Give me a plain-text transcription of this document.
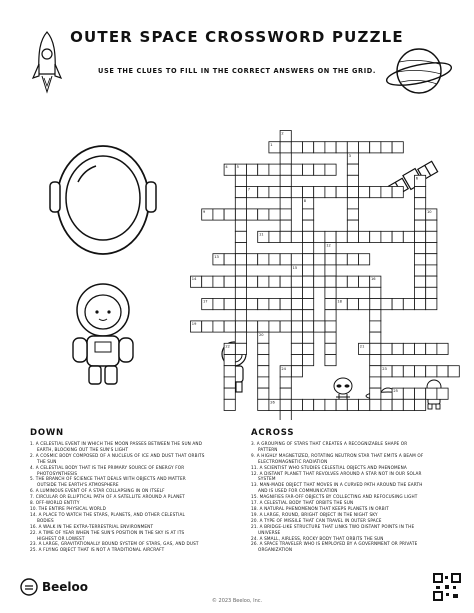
OUTER SPACE CROSSWORD PUZZLE
USE THE CLUES TO FILL IN THE CORRECT ANSWERS ON THE GRID.
1
2
3
4 5
6
7
8
9	10
11
12
13
14
15
16
17	18
19
20
21
22
23
24
25
26
DOWN
1. A CELESTIAL EVENT IN WHICH THE MOON PASSES BETWEEN THE SUN AND
EARTH, BLOCKING OUT THE SUN'S LIGHT
2. A COSMIC BODY COMPOSED OF A NUCLEUS OF ICE AND DUST THAT ORBITS
THE SUN
4. A CELESTIAL BODY THAT IS THE PRIMARY SOURCE OF ENERGY FOR
PHOTOSYNTHESIS
5. THE BRANCH OF SCIENCE THAT DEALS WITH OBJECTS AND MATTER
OUTSIDE THE EARTH'S ATMOSPHERE
6. A LUMINOUS EVENT OF A STAR COLLAPSING IN ON ITSELF
7. CIRCULAR OR ELLIPTICAL PATH OF A SATELLITE AROUND A PLANET
8. OFF-WORLD ENTITY
10. THE ENTIRE PHYSICAL WORLD
14. A PLACE TO WATCH THE STARS, PLANETS, AND OTHER CELESTIAL
BODIES
16. A WALK IN THE EXTRA-TERRESTRIAL ENVIRONMENT
22. A TIME OF YEAR WHEN THE SUN'S POSITION IN THE SKY IS AT ITS
HIGHEST OR LOWEST
23. A LARGE, GRAVITATIONALLY BOUND SYSTEM OF STARS, GAS, AND DUST
25. A FLYING OBJECT THAT IS NOT A TRADITIONAL AIRCRAFT
ACROSS
3. A GROUPING OF STARS THAT CREATES A RECOGNIZABLE SHAPE OR
PATTERN
9. A HIGHLY MAGNETIZED, ROTATING NEUTRON STAR THAT EMITS A BEAM OF
ELECTROMAGNETIC RADIATION
11. A SCIENTIST WHO STUDIES CELESTIAL OBJECTS AND PHENOMENA
12. A DISTANT PLANET THAT REVOLVES AROUND A STAR NOT IN OUR SOLAR
SYSTEM
13. MAN-MADE OBJECT THAT MOVES IN A CURVED PATH AROUND THE EARTH
AND IS USED FOR COMMUNICATION
15. MAGNIFIES FAR-OFF OBJECTS BY COLLECTING AND REFOCUSING LIGHT
17. A CELESTIAL BODY THAT ORBITS THE SUN
18. A NATURAL PHENOMENON THAT KEEPS PLANETS IN ORBIT
19. A LARGE, ROUND, BRIGHT OBJECT IN THE NIGHT SKY
20. A TYPE OF MISSILE THAT CAN TRAVEL IN OUTER SPACE
21. A BRIDGE-LIKE STRUCTURE THAT LINKS TWO DISTANT POINTS IN THE
UNIVERSE
24. A SMALL, AIRLESS, ROCKY BODY THAT ORBITS THE SUN
26. A SPACE TRAVELER WHO IS EMPLOYED BY A GOVERNMENT OR PRIVATE
ORGANIZATION
Beeloo
© 2023 Beeloo, Inc.
